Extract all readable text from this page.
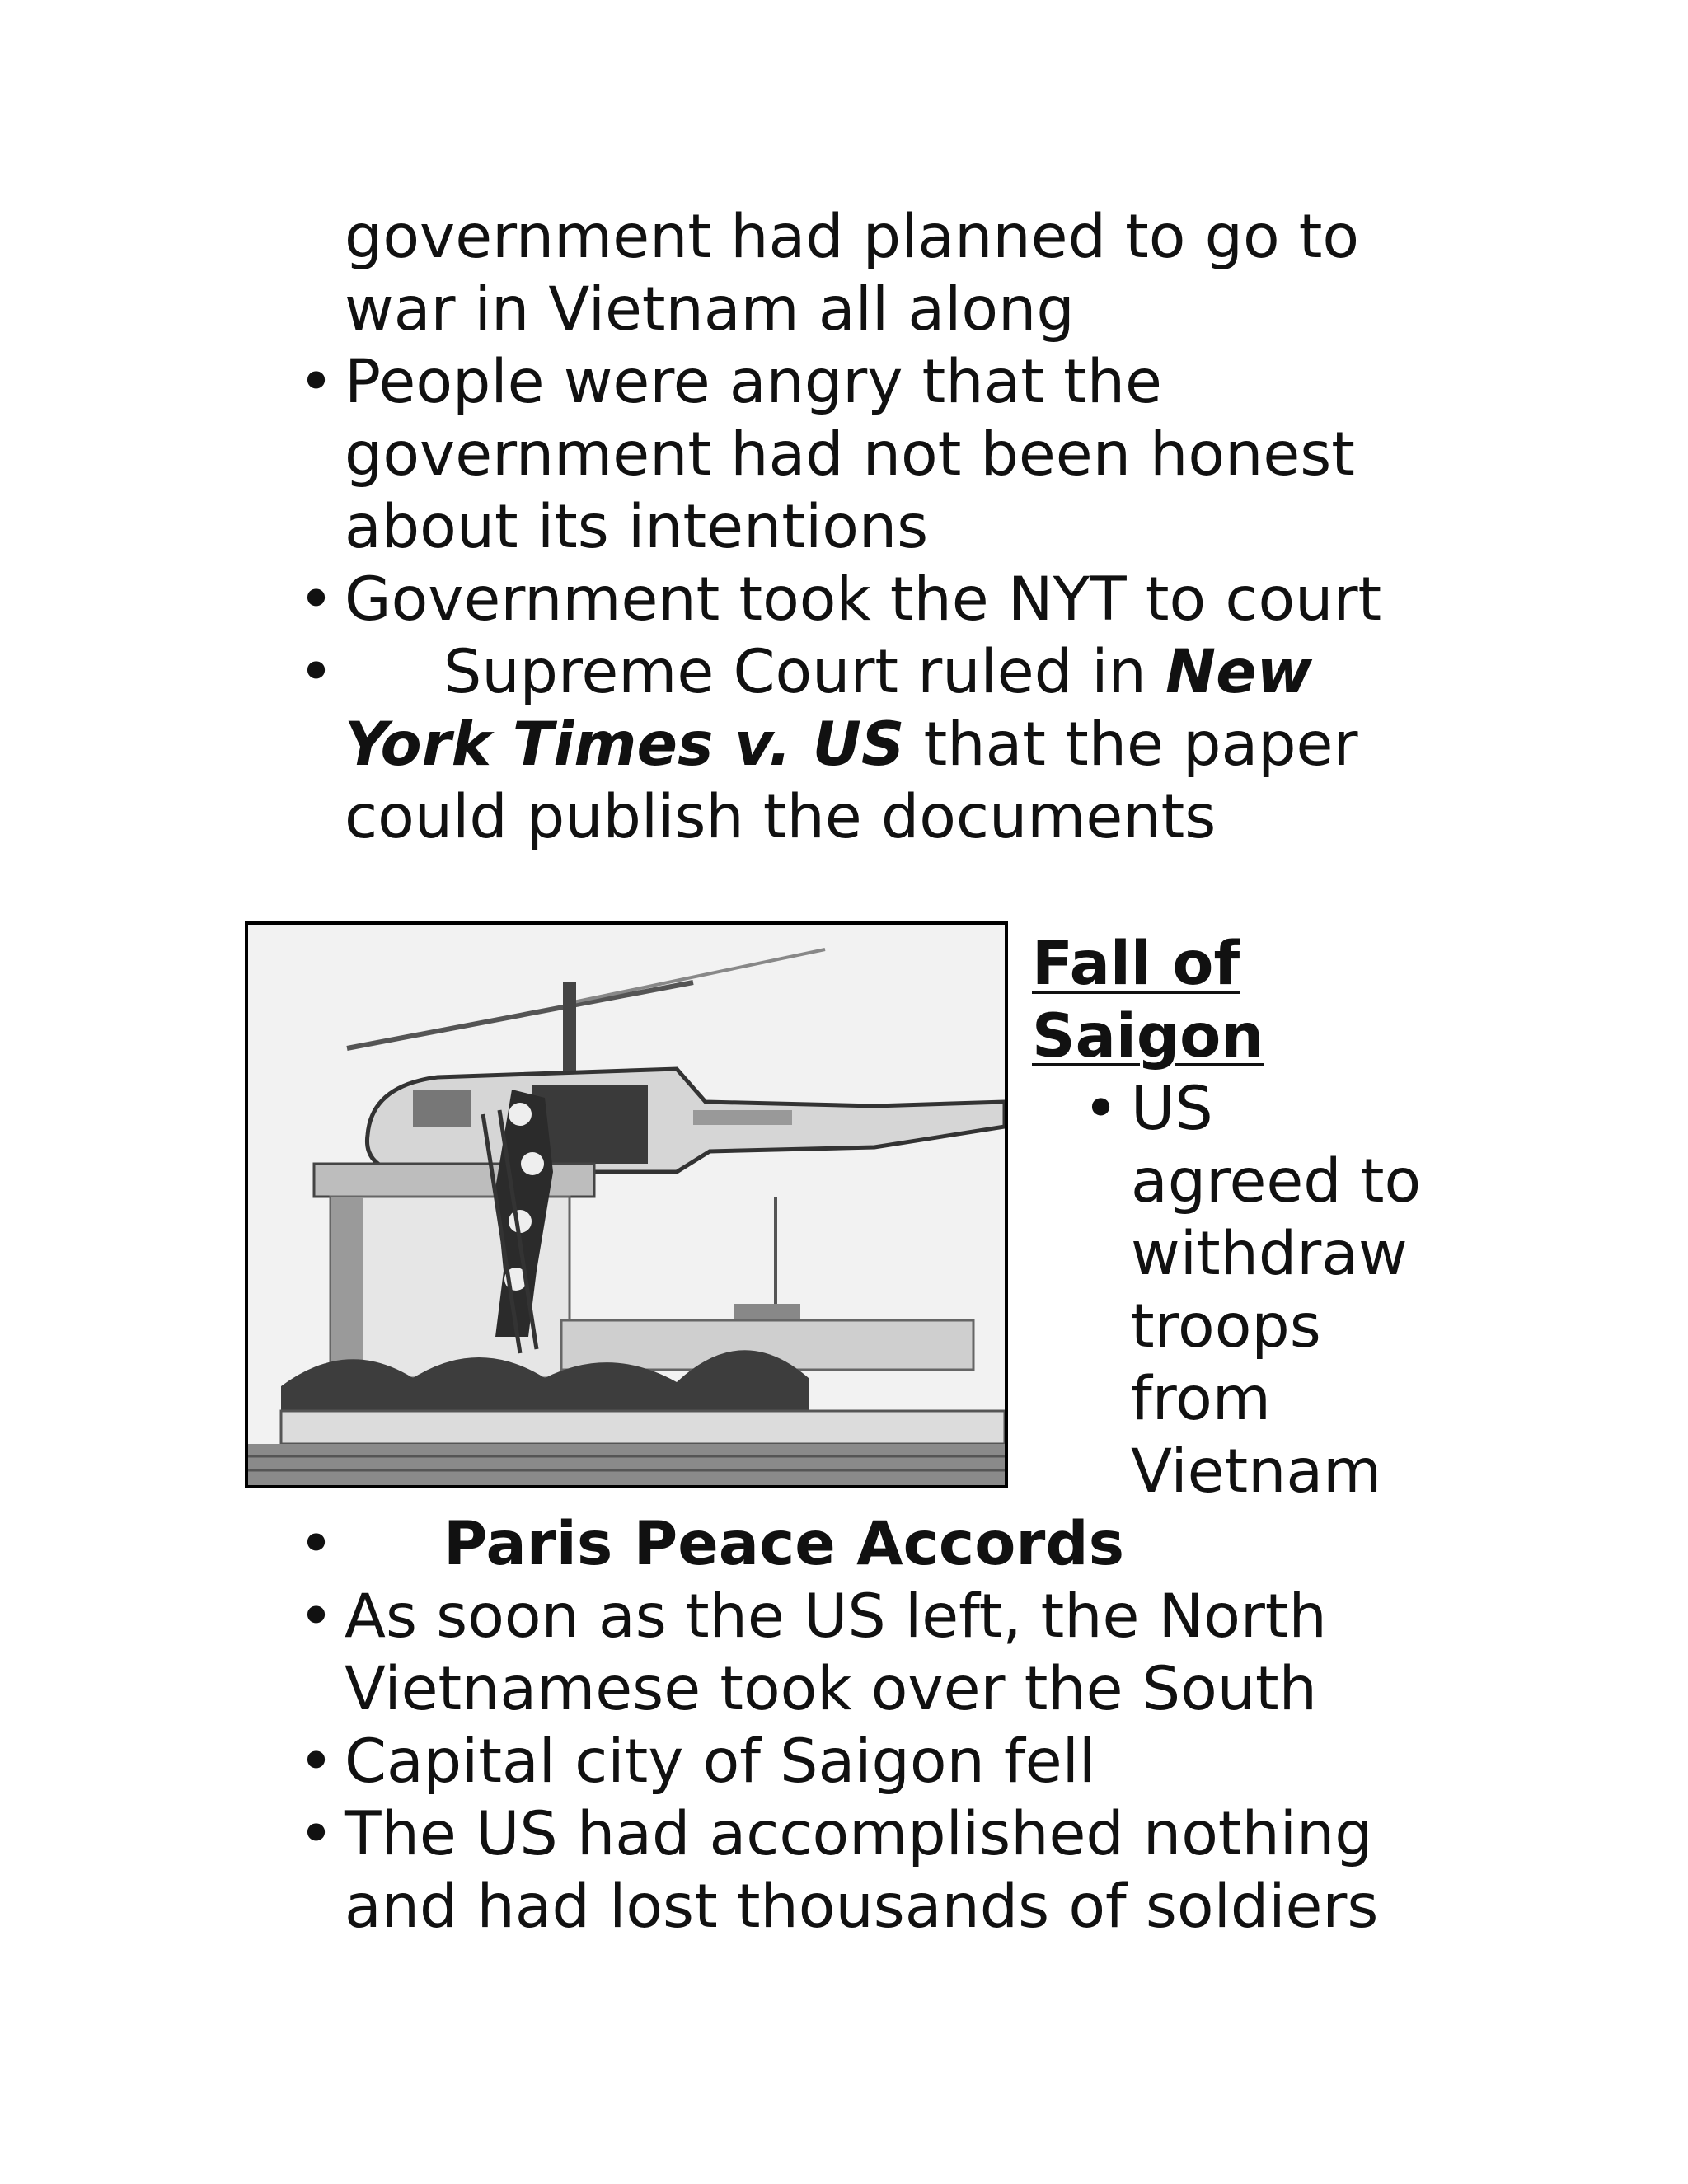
government had planned to go to
war in Vietnam all along
• People were angry that the
government had not been honest
about its intentions
• Government took the NYT to court
• Supreme Court ruled in New
York Times v. US that the paper
could publish the documents
Fall of
Saigon
• US
agreed to
withdraw
troops
from
Vietnam
• Paris Peace Accords
• As soon as the US left, the North
Vietnamese took over the South
• Capital city of Saigon fell
• The US had accomplished nothing
and had lost thousands of soldiers
